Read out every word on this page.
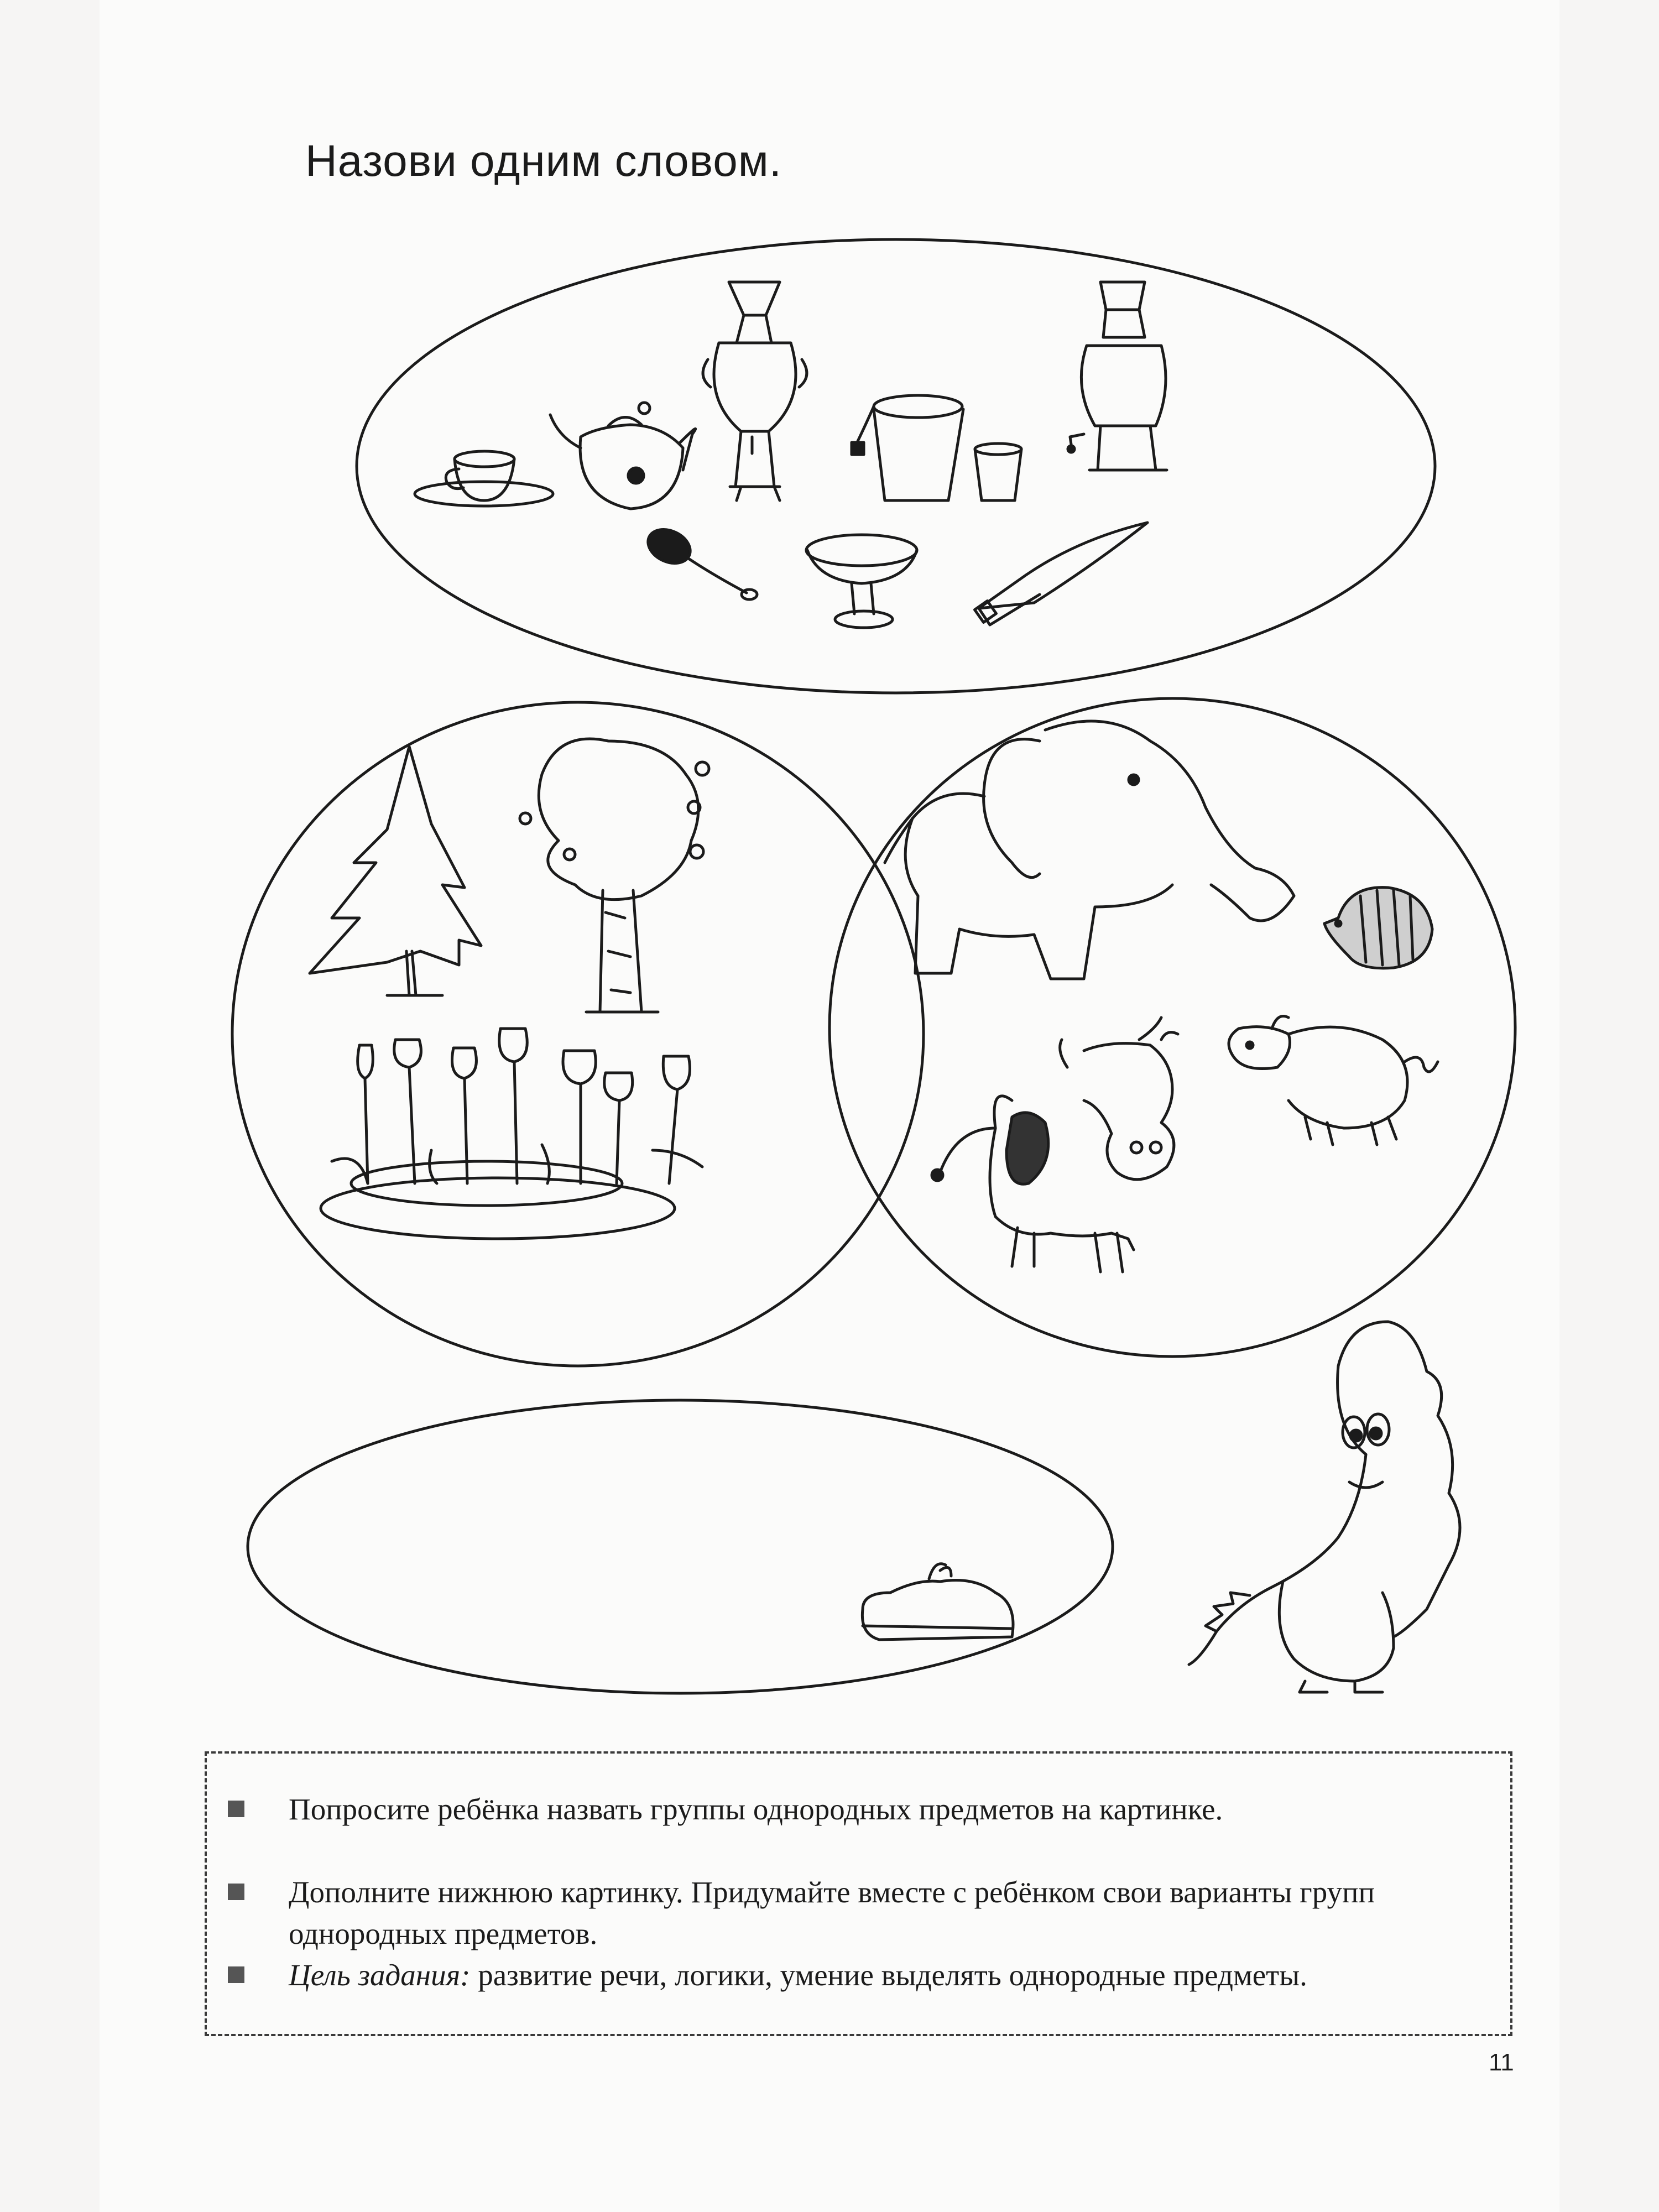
Назови одним словом.
Попросите ребёнка назвать группы однородных предметов на картинке.
Дополните нижнюю картинку. Придумайте вместе с ребёнком свои варианты групп однородных предметов.
Цель задания: развитие речи, логики, умение выделять однородные предметы.
11
